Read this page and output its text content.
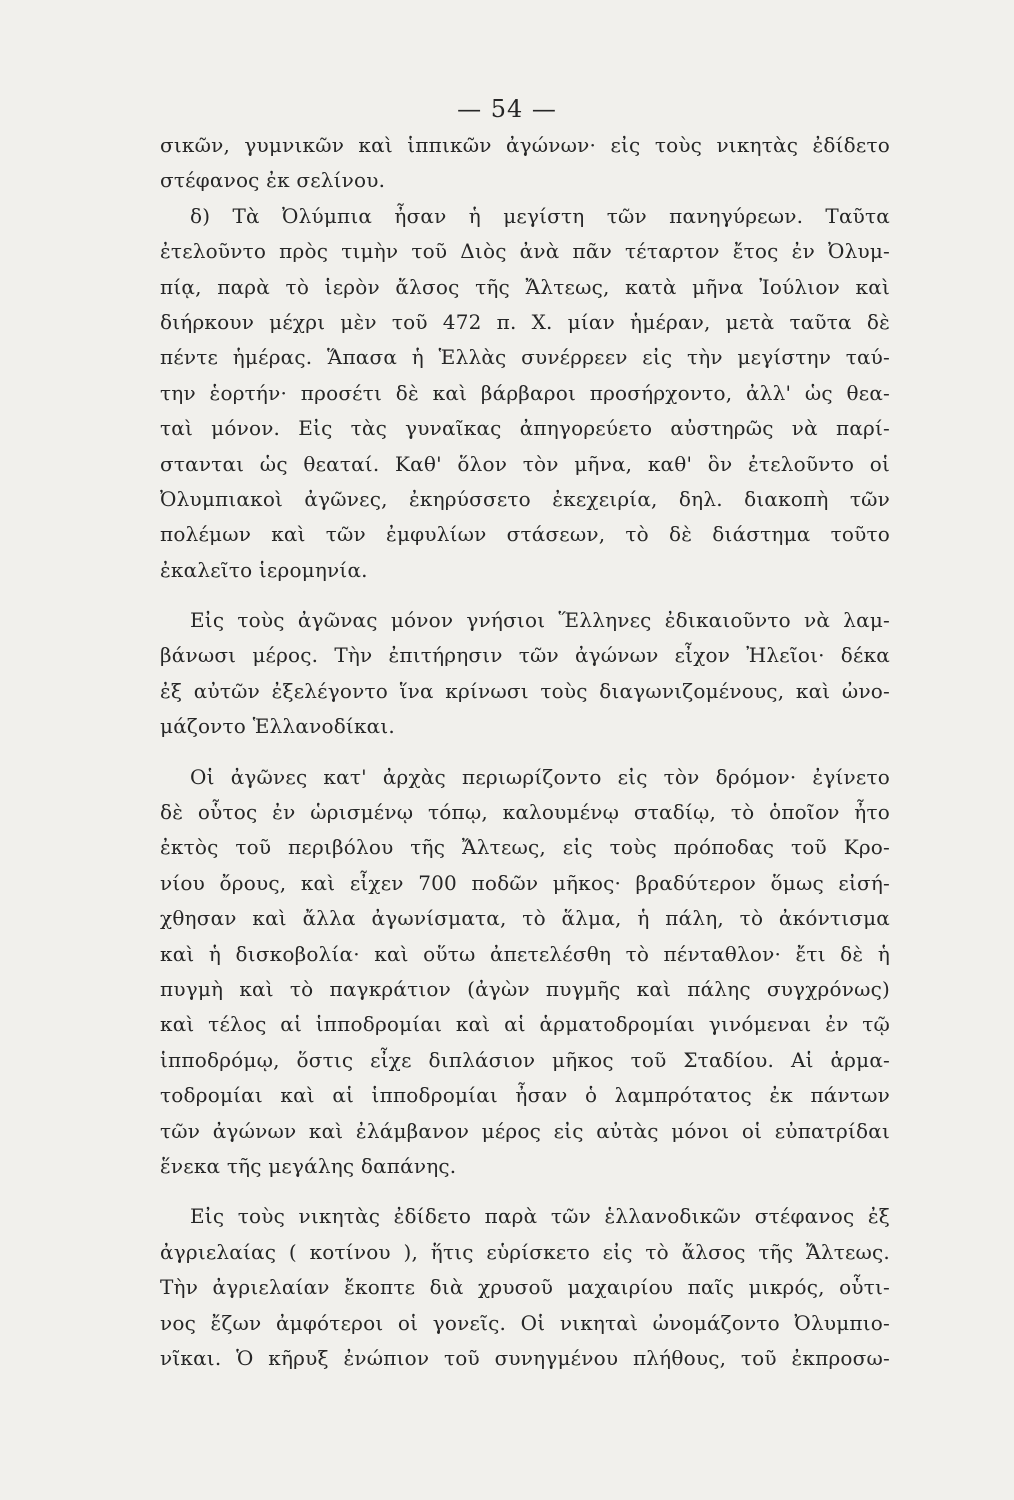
— 54 —
σικῶν, γυμνικῶν καὶ ἱππικῶν ἀγώνων· εἰς τοὺς νικητὰς ἐδίδετο
στέφανος ἐκ σελίνου.
δ) Τὰ Ὀλύμπια ἦσαν ἡ μεγίστη τῶν πανηγύρεων. Ταῦτα
ἐτελοῦντο πρὸς τιμὴν τοῦ Διὸς ἀνὰ πᾶν τέταρτον ἔτος ἐν Ὀλυμ-
πίᾳ, παρὰ τὸ ἱερὸν ἄλσος τῆς Ἄλτεως, κατὰ μῆνα Ἰούλιον καὶ
διήρκουν μέχρι μὲν τοῦ 472 π. Χ. μίαν ἡμέραν, μετὰ ταῦτα δὲ
πέντε ἡμέρας. Ἅπασα ἡ Ἑλλὰς συνέρρεεν εἰς τὴν μεγίστην ταύ-
την ἑορτήν· προσέτι δὲ καὶ βάρβαροι προσήρχοντο, ἀλλ' ὡς θεα-
ταὶ μόνον. Εἰς τὰς γυναῖκας ἀπηγορεύετο αὐστηρῶς νὰ παρί-
στανται ὡς θεαταί. Καθ' ὅλον τὸν μῆνα, καθ' ὃν ἐτελοῦντο οἱ
Ὀλυμπιακοὶ ἀγῶνες, ἐκηρύσσετο ἐκεχειρία, δηλ. διακοπὴ τῶν
πολέμων καὶ τῶν ἐμφυλίων στάσεων, τὸ δὲ διάστημα τοῦτο
ἐκαλεῖτο ἱερομηνία.
Εἰς τοὺς ἀγῶνας μόνον γνήσιοι Ἕλληνες ἐδικαιοῦντο νὰ λαμ-
βάνωσι μέρος. Τὴν ἐπιτήρησιν τῶν ἀγώνων εἶχον Ἠλεῖοι· δέκα
ἐξ αὐτῶν ἐξελέγοντο ἵνα κρίνωσι τοὺς διαγωνιζομένους, καὶ ὠνο-
μάζοντο Ἑλλανοδίκαι.
Οἱ ἀγῶνες κατ' ἀρχὰς περιωρίζοντο εἰς τὸν δρόμον· ἐγίνετο
δὲ οὗτος ἐν ὡρισμένῳ τόπῳ, καλουμένῳ σταδίῳ, τὸ ὁποῖον ἦτο
ἐκτὸς τοῦ περιβόλου τῆς Ἄλτεως, εἰς τοὺς πρόποδας τοῦ Κρο-
νίου ὄρους, καὶ εἶχεν 700 ποδῶν μῆκος· βραδύτερον ὅμως εἰσή-
χθησαν καὶ ἄλλα ἀγωνίσματα, τὸ ἅλμα, ἡ πάλη, τὸ ἀκόντισμα
καὶ ἡ δισκοβολία· καὶ οὕτω ἀπετελέσθη τὸ πένταθλον· ἔτι δὲ ἡ
πυγμὴ καὶ τὸ παγκράτιον (ἀγὼν πυγμῆς καὶ πάλης συγχρόνως)
καὶ τέλος αἱ ἱπποδρομίαι καὶ αἱ ἁρματοδρομίαι γινόμεναι ἐν τῷ
ἱπποδρόμῳ, ὅστις εἶχε διπλάσιον μῆκος τοῦ Σταδίου. Αἱ ἁρμα-
τοδρομίαι καὶ αἱ ἱπποδρομίαι ἦσαν ὁ λαμπρότατος ἐκ πάντων
τῶν ἀγώνων καὶ ἐλάμβανον μέρος εἰς αὐτὰς μόνοι οἱ εὐπατρίδαι
ἕνεκα τῆς μεγάλης δαπάνης.
Εἰς τοὺς νικητὰς ἐδίδετο παρὰ τῶν ἑλλανοδικῶν στέφανος ἐξ
ἀγριελαίας ( κοτίνου ), ἥτις εὑρίσκετο εἰς τὸ ἄλσος τῆς Ἄλτεως.
Τὴν ἀγριελαίαν ἔκοπτε διὰ χρυσοῦ μαχαιρίου παῖς μικρός, οὗτι-
νος ἔζων ἀμφότεροι οἱ γονεῖς. Οἱ νικηταὶ ὠνομάζοντο Ὀλυμπιο-
νῖκαι. Ὁ κῆρυξ ἐνώπιον τοῦ συνηγμένου πλήθους, τοῦ ἐκπροσω-
